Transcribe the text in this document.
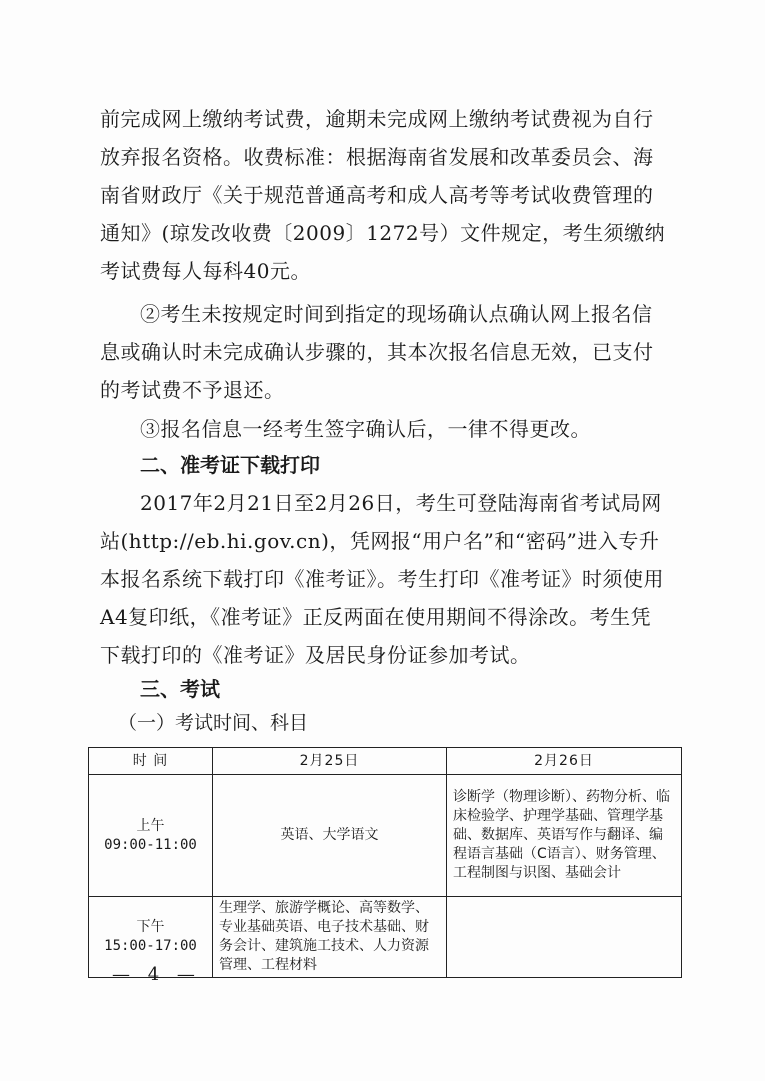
前完成网上缴纳考试费，逾期未完成网上缴纳考试费视为自行放弃报名资格。收费标准：根据海南省发展和改革委员会、海南省财政厅《关于规范普通高考和成人高考等考试收费管理的通知》(琼发改收费〔2009〕1272号）文件规定，考生须缴纳考试费每人每科40元。

②考生未按规定时间到指定的现场确认点确认网上报名信息或确认时未完成确认步骤的，其本次报名信息无效，已支付的考试费不予退还。

③报名信息一经考生签字确认后，一律不得更改。

二、准考证下载打印

2017年2月21日至2月26日，考生可登陆海南省考试局网站(http://eb.hi.gov.cn)，凭网报“用户名”和“密码”进入专升本报名系统下载打印《准考证》。考生打印《准考证》时须使用A4复印纸，《准考证》正反两面在使用期间不得涂改。考生凭下载打印的《准考证》及居民身份证参加考试。

三、考试
（一）考试时间、科目
时 间	2月25日	2月26日

上午
09:00-11:00	英语、大学语文	诊断学（物理诊断）、药物分析、临床检验学、护理学基础、管理学基础、数据库、英语写作与翻译、编程语言基础（C语言）、财务管理、工程制图与识图、基础会计

下午
15:00-17:00	生理学、旅游学概论、高等数学、专业基础英语、电子技术基础、财务会计、建筑施工技术、人力资源管理、工程材料	
— 4 —
